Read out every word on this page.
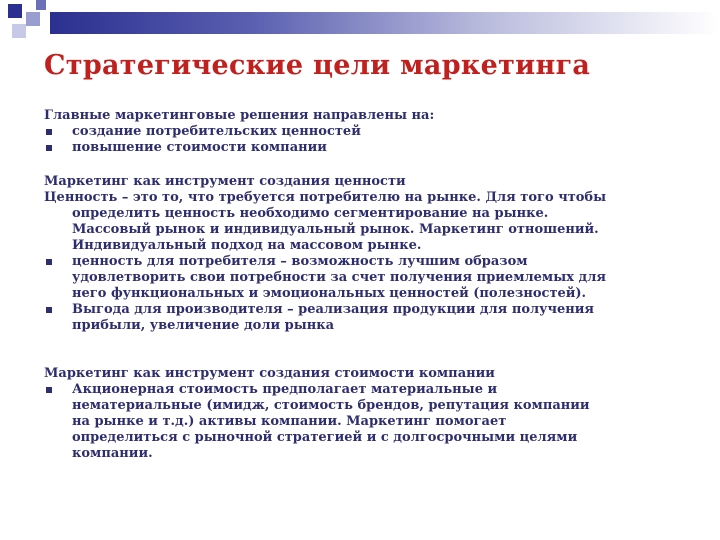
Стратегические цели маркетинга

Главные маркетинговые решения направлены на:

создание потребительских ценностей

повышение стоимости компании

Маркетинг как инструмент создания ценности

Ценность – это то, что требуется потребителю на рынке. Для того чтобы

определить ценность необходимо сегментирование на рынке.

Массовый рынок и индивидуальный рынок. Маркетинг отношений.

Индивидуальный подход на массовом рынке.

ценность для потребителя – возможность лучшим образом

удовлетворить свои потребности за счет получения приемлемых для

него функциональных и эмоциональных ценностей (полезностей).

Выгода для производителя – реализация продукции для получения

прибыли, увеличение доли рынка

Маркетинг как инструмент создания стоимости компании

Акционерная стоимость предполагает материальные и

нематериальные (имидж, стоимость брендов, репутация компании

на рынке и т.д.) активы компании. Маркетинг помогает

определиться с рыночной стратегией и с долгосрочными целями

компании.
